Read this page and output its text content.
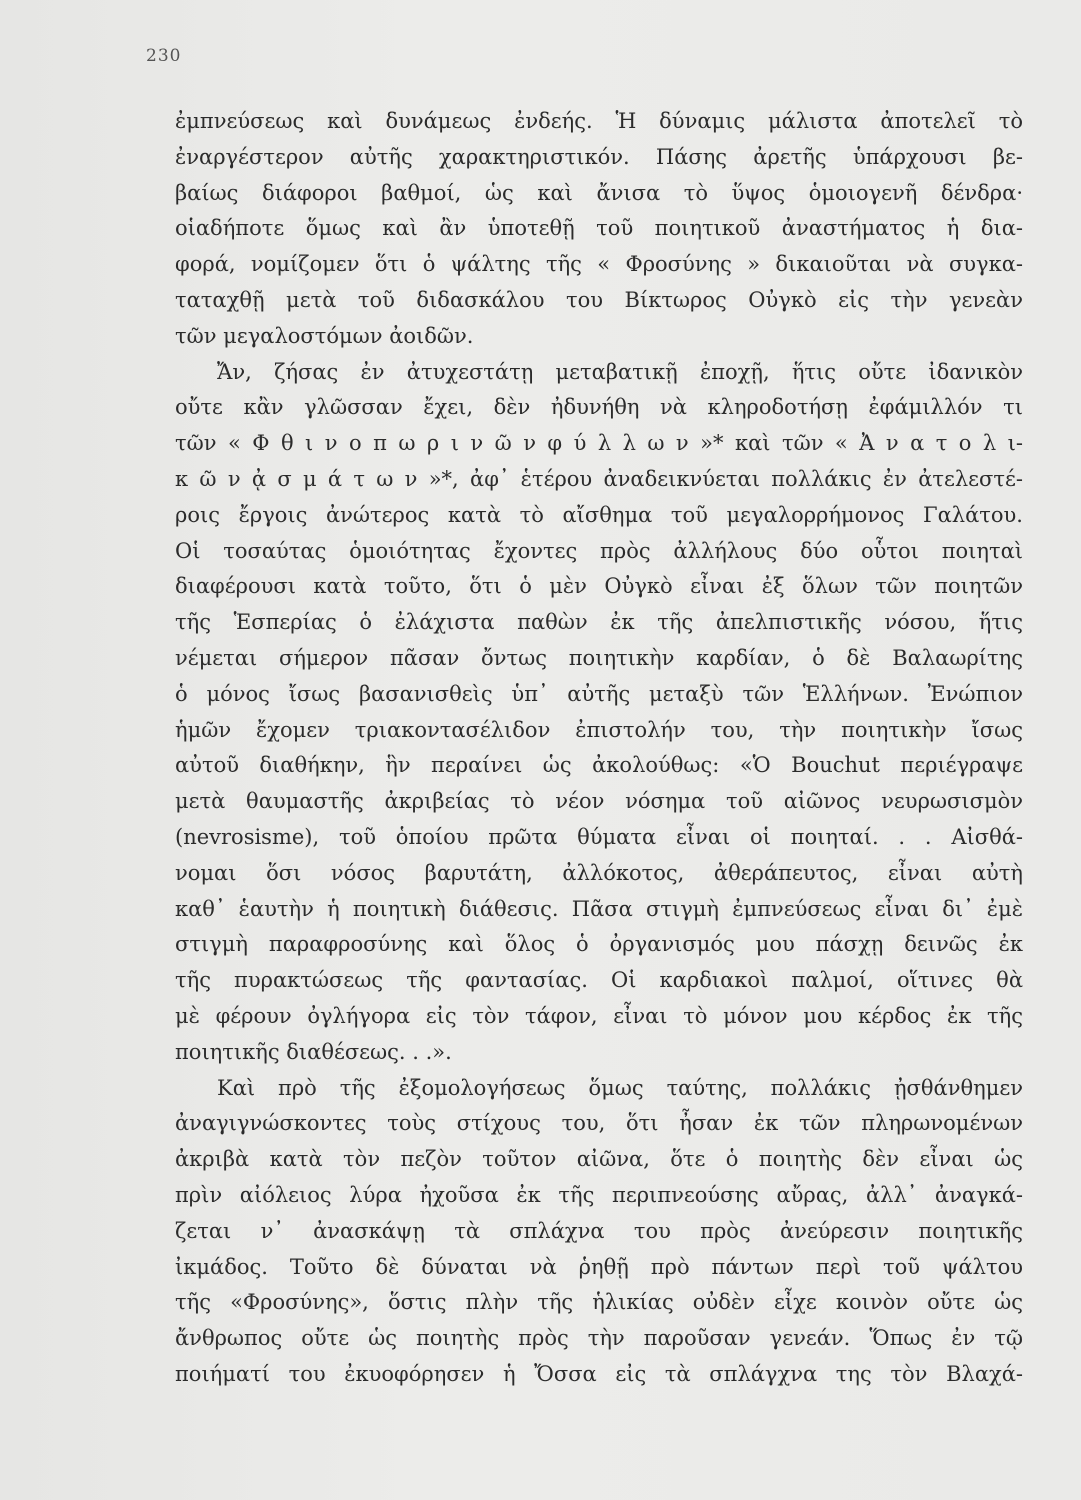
230
ἐμπνεύσεως καὶ δυνάμεως ἐνδεής. Ἡ δύναμις μάλιστα ἀποτελεῖ τὸ
ἐναργέστερον αὐτῆς χαρακτηριστικόν. Πάσης ἀρετῆς ὑπάρχουσι βε-
βαίως διάφοροι βαθμοί, ὡς καὶ ἄνισα τὸ ὕψος ὁμοιογενῆ δένδρα·
οἱαδήποτε ὅμως καὶ ἂν ὑποτεθῇ τοῦ ποιητικοῦ ἀναστήματος ἡ δια-
φορά, νομίζομεν ὅτι ὁ ψάλτης τῆς « Φροσύνης » δικαιοῦται νὰ συγκα-
ταταχθῇ μετὰ τοῦ διδασκάλου του Βίκτωρος Οὐγκὸ εἰς τὴν γενεὰν
τῶν μεγαλοστόμων ἀοιδῶν.
Ἄν, ζήσας ἐν ἀτυχεστάτῃ μεταβατικῇ ἐποχῇ, ἥτις οὔτε ἰδανικὸν
οὔτε κἂν γλῶσσαν ἔχει, δὲν ἠδυνήθη νὰ κληροδοτήσῃ ἐφάμιλλόν τι
τῶν « Φ θ ι ν ο π ω ρ ι ν ῶ ν φ ύ λ λ ω ν »* καὶ τῶν « Ἀ ν α τ ο λ ι-
κ ῶ ν ᾀ σ μ ά τ ω ν »*, ἀφ᾽ ἑτέρου ἀναδεικνύεται πολλάκις ἐν ἀτελεστέ-
ροις ἔργοις ἀνώτερος κατὰ τὸ αἴσθημα τοῦ μεγαλορρήμονος Γαλάτου.
Οἱ τοσαύτας ὁμοιότητας ἔχοντες πρὸς ἀλλήλους δύο οὗτοι ποιηταὶ
διαφέρουσι κατὰ τοῦτο, ὅτι ὁ μὲν Οὐγκὸ εἶναι ἐξ ὅλων τῶν ποιητῶν
τῆς Ἑσπερίας ὁ ἐλάχιστα παθὼν ἐκ τῆς ἀπελπιστικῆς νόσου, ἥτις
νέμεται σήμερον πᾶσαν ὄντως ποιητικὴν καρδίαν, ὁ δὲ Βαλαωρίτης
ὁ μόνος ἴσως βασανισθεὶς ὑπ᾽ αὐτῆς μεταξὺ τῶν Ἑλλήνων. Ἐνώπιον
ἡμῶν ἔχομεν τριακοντασέλιδον ἐπιστολήν του, τὴν ποιητικὴν ἴσως
αὐτοῦ διαθήκην, ἣν περαίνει ὡς ἀκολούθως: «Ὁ Bouchut περιέγραψε
μετὰ θαυμαστῆς ἀκριβείας τὸ νέον νόσημα τοῦ αἰῶνος νευρωσισμὸν
(nevrosisme), τοῦ ὁποίου πρῶτα θύματα εἶναι οἱ ποιηταί. . . Αἰσθά-
νομαι ὅσι νόσος βαρυτάτη, ἀλλόκοτος, ἀθεράπευτος, εἶναι αὐτὴ
καθ᾽ ἑαυτὴν ἡ ποιητικὴ διάθεσις. Πᾶσα στιγμὴ ἐμπνεύσεως εἶναι δι᾽ ἐμὲ
στιγμὴ παραφροσύνης καὶ ὅλος ὁ ὀργανισμός μου πάσχῃ δεινῶς ἐκ
τῆς πυρακτώσεως τῆς φαντασίας. Οἱ καρδιακοὶ παλμοί, οἵτινες θὰ
μὲ φέρουν ὀγλήγορα εἰς τὸν τάφον, εἶναι τὸ μόνον μου κέρδος ἐκ τῆς
ποιητικῆς διαθέσεως. . .».
Καὶ πρὸ τῆς ἐξομολογήσεως ὅμως ταύτης, πολλάκις ᾐσθάνθημεν
ἀναγιγνώσκοντες τοὺς στίχους του, ὅτι ἦσαν ἐκ τῶν πληρωνομένων
ἀκριβὰ κατὰ τὸν πεζὸν τοῦτον αἰῶνα, ὅτε ὁ ποιητὴς δὲν εἶναι ὡς
πρὶν αἰόλειος λύρα ἠχοῦσα ἐκ τῆς περιπνεούσης αὔρας, ἀλλ᾽ ἀναγκά-
ζεται ν᾽ ἀνασκάψῃ τὰ σπλάχνα του πρὸς ἀνεύρεσιν ποιητικῆς
ἰκμάδος. Τοῦτο δὲ δύναται νὰ ῥηθῇ πρὸ πάντων περὶ τοῦ ψάλτου
τῆς «Φροσύνης», ὅστις πλὴν τῆς ἡλικίας οὐδὲν εἶχε κοινὸν οὔτε ὡς
ἄνθρωπος οὔτε ὡς ποιητὴς πρὸς τὴν παροῦσαν γενεάν. Ὅπως ἐν τῷ
ποιήματί του ἐκυοφόρησεν ἡ Ὄσσα εἰς τὰ σπλάγχνα της τὸν Βλαχά-
